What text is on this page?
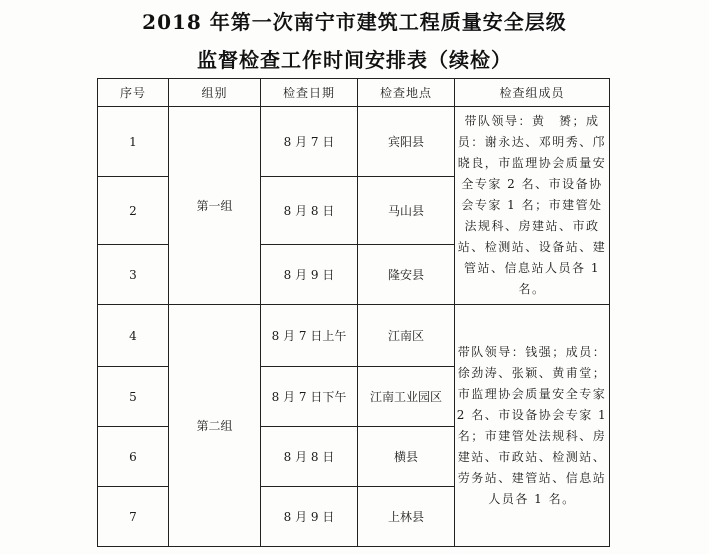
2018 年第一次南宁市建筑工程质量安全层级
监督检查工作时间安排表（续检）
序号	组别	检查日期	检查地点	检查组成员
1	第一组	8 月 7 日	宾阳县	带队领导：黄　赟；成员：谢永达、邓明秀、邝晓良，市监理协会质量安全专家 2 名、市设备协会专家 1 名；市建管处法规科、房建站、市政站、检测站、设备站、建管站、信息站人员各 1 名。
2		8 月 8 日	马山县	
3		8 月 9 日	隆安县	
4	第二组	8 月 7 日上午	江南区	带队领导：钱强；成员：徐劲涛、张颖、黄甫堂；市监理协会质量安全专家 2 名、市设备协会专家 1 名；市建管处法规科、房建站、市政站、检测站、劳务站、建管站、信息站人员各 1 名。
5		8 月 7 日下午	江南工业园区	
6		8 月 8 日	横县	
7		8 月 9 日	上林县	
